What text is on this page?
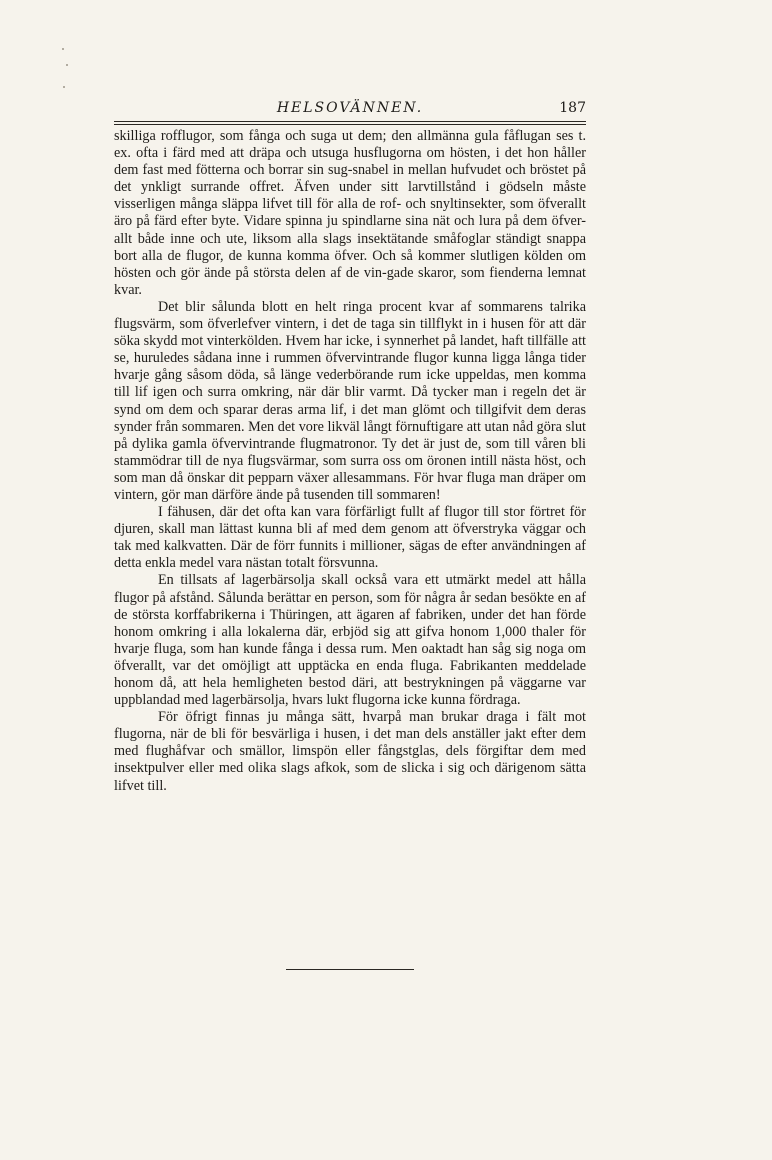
HELSOVÄNNEN.	187

skilliga rofflugor, som fånga och suga ut dem; den allmänna gula fåflugan ses t. ex. ofta i färd med att dräpa och utsuga husflugorna om hösten, i det hon håller dem fast med fötterna och borrar sin sug-snabel in mellan hufvudet och bröstet på det ynkligt surrande offret. Äfven under sitt larvtillstånd i gödseln måste visserligen många släppa lifvet till för alla de rof- och snyltinsekter, som öfverallt äro på färd efter byte. Vidare spinna ju spindlarne sina nät och lura på dem öfver-allt både inne och ute, liksom alla slags insektätande småfoglar ständigt snappa bort alla de flugor, de kunna komma öfver. Och så kommer slutligen kölden om hösten och gör ände på största delen af de vin-gade skaror, som fienderna lemnat kvar.

Det blir sålunda blott en helt ringa procent kvar af sommarens talrika flugsvärm, som öfverlefver vintern, i det de taga sin tillflykt in i husen för att där söka skydd mot vinterkölden. Hvem har icke, i synnerhet på landet, haft tillfälle att se, huruledes sådana inne i rummen öfvervintrande flugor kunna ligga långa tider hvarje gång såsom döda, så länge vederbörande rum icke uppeldas, men komma till lif igen och surra omkring, när där blir varmt. Då tycker man i regeln det är synd om dem och sparar deras arma lif, i det man glömt och tillgifvit dem deras synder från sommaren. Men det vore likväl långt förnuftigare att utan nåd göra slut på dylika gamla öfvervintrande flugmatronor. Ty det är just de, som till våren bli stammödrar till de nya flugsvärmar, som surra oss om öronen intill nästa höst, och som man då önskar dit pepparn växer allesammans. För hvar fluga man dräper om vintern, gör man därföre ände på tusenden till sommaren!

I fähusen, där det ofta kan vara förfärligt fullt af flugor till stor förtret för djuren, skall man lättast kunna bli af med dem genom att öfverstryka väggar och tak med kalkvatten. Där de förr funnits i millioner, sägas de efter användningen af detta enkla medel vara nästan totalt försvunna.

En tillsats af lagerbärsolja skall också vara ett utmärkt medel att hålla flugor på afstånd. Sålunda berättar en person, som för några år sedan besökte en af de största korffabrikerna i Thüringen, att ägaren af fabriken, under det han förde honom omkring i alla lokalerna där, erbjöd sig att gifva honom 1,000 thaler för hvarje fluga, som han kunde fånga i dessa rum. Men oaktadt han såg sig noga om öfverallt, var det omöjligt att upptäcka en enda fluga. Fabrikanten meddelade honom då, att hela hemligheten bestod däri, att bestrykningen på väggarne var uppblandad med lagerbärsolja, hvars lukt flugorna icke kunna fördraga.

För öfrigt finnas ju många sätt, hvarpå man brukar draga i fält mot flugorna, när de bli för besvärliga i husen, i det man dels anställer jakt efter dem med flughåfvar och smällor, limspön eller fångstglas, dels förgiftar dem med insektpulver eller med olika slags afkok, som de slicka i sig och därigenom sätta lifvet till.
